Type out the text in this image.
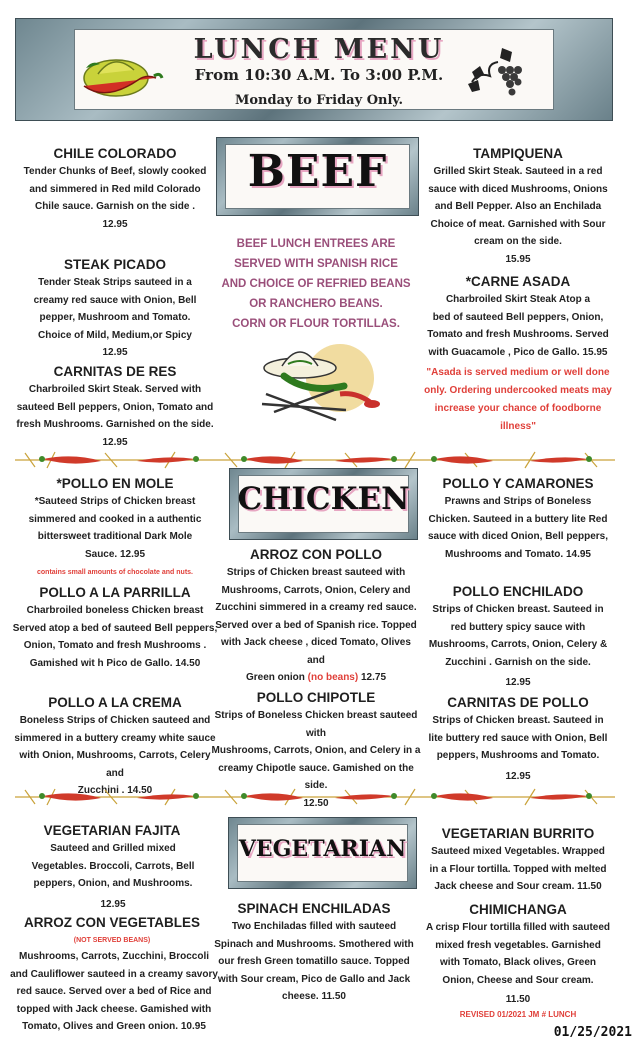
LUNCH MENU
From 10:30 A.M. To 3:00 P.M.
Monday to Friday Only.
BEEF
BEEF LUNCH ENTREES ARE
SERVED WITH SPANISH RICE
AND CHOICE OF REFRIED BEANS
OR RANCHERO BEANS.
CORN OR FLOUR TORTILLAS.
CHILE COLORADO
Tender Chunks of Beef, slowly cooked
and simmered in Red mild Colorado
Chile sauce. Garnish on the side .
12.95
STEAK PICADO
Tender Steak Strips sauteed in a
creamy red sauce with Onion, Bell
pepper, Mushroom and Tomato.
Choice of Mild, Medium,or Spicy
12.95
CARNITAS DE RES
Charbroiled Skirt Steak. Served with
sauteed Bell peppers, Onion, Tomato and
fresh Mushrooms. Garnished on the side.
12.95
TAMPIQUENA
Grilled Skirt Steak. Sauteed in a red
sauce with diced Mushrooms, Onions
and Bell Pepper. Also an Enchilada
Choice of meat. Garnished with Sour
cream on the side.
15.95
*CARNE ASADA
Charbroiled Skirt Steak Atop a
bed of sauteed Bell peppers, Onion,
Tomato and fresh Mushrooms. Served
with Guacamole , Pico de Gallo. 15.95
"Asada is served medium or well done
only. Ordering undercooked meats may
increase your chance of foodborne
illness"
CHICKEN
*POLLO EN MOLE
*Sauteed Strips of Chicken breast
simmered and cooked in a authentic
bittersweet traditional Dark Mole
Sauce. 12.95
contains small amounts of chocolate and nuts.
POLLO A LA PARRILLA
Charbroiled boneless Chicken breast
Served atop a bed of sauteed Bell peppers,
Onion, Tomato and fresh Mushrooms .
Gamished wit h Pico de Gallo. 14.50
POLLO A LA CREMA
Boneless Strips of Chicken sauteed and
simmered in a buttery creamy white sauce
with Onion, Mushrooms, Carrots, Celery and
Zucchini . 14.50
ARROZ CON POLLO
Strips of Chicken breast sauteed with
Mushrooms, Carrots, Onion, Celery and
Zucchini simmered in a creamy red sauce.
Served over a bed of Spanish rice. Topped
with Jack cheese , diced Tomato, Olives and
Green onion (no beans) 12.75
POLLO CHIPOTLE
Strips of Boneless Chicken breast sauteed with
Mushrooms, Carrots, Onion, and Celery in a
creamy Chipotle sauce. Gamished on the side.
12.50
POLLO Y CAMARONES
Prawns and Strips of Boneless
Chicken. Sauteed in a buttery lite Red
sauce with diced Onion, Bell peppers,
Mushrooms and Tomato. 14.95
POLLO ENCHILADO
Strips of Chicken breast. Sauteed in
red buttery spicy sauce with
Mushrooms, Carrots, Onion, Celery &
Zucchini . Garnish on the side.
12.95
CARNITAS DE POLLO
Strips of Chicken breast. Sauteed in
lite buttery red sauce with Onion, Bell
peppers, Mushrooms and Tomato.
12.95
VEGETARIAN
VEGETARIAN FAJITA
Sauteed and Grilled mixed
Vegetables. Broccoli, Carrots, Bell
peppers, Onion, and Mushrooms.
12.95
ARROZ CON VEGETABLES
(NOT SERVED BEANS)
Mushrooms, Carrots, Zucchini, Broccoli
and Cauliflower sauteed in a creamy savory
red sauce. Served over a bed of Rice and
topped with Jack cheese. Gamished with
Tomato, Olives and Green onion. 10.95
SPINACH ENCHILADAS
Two Enchiladas filled with sauteed
Spinach and Mushrooms. Smothered with
our fresh Green tomatillo sauce. Topped
with Sour cream, Pico de Gallo and Jack
cheese. 11.50
VEGETARIAN BURRITO
Sauteed mixed Vegetables. Wrapped
in a Flour tortilla. Topped with melted
Jack cheese and Sour cream. 11.50
CHIMICHANGA
A crisp Flour tortilla filled with sauteed
mixed fresh vegetables. Garnished
with Tomato, Black olives, Green
Onion, Cheese and Sour cream.
11.50
REVISED 01/2021 JM # LUNCH
01/25/2021
